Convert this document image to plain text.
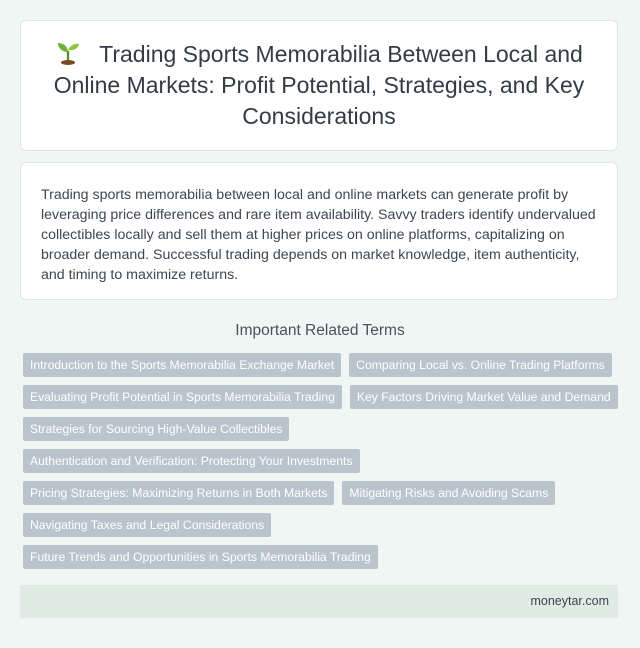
Trading Sports Memorabilia Between Local and Online Markets: Profit Potential, Strategies, and Key Considerations

Trading sports memorabilia between local and online markets can generate profit by leveraging price differences and rare item availability. Savvy traders identify undervalued collectibles locally and sell them at higher prices on online platforms, capitalizing on broader demand. Successful trading depends on market knowledge, item authenticity, and timing to maximize returns.

Important Related Terms
Introduction to the Sports Memorabilia Exchange Market	Comparing Local vs. Online Trading Platforms
Evaluating Profit Potential in Sports Memorabilia Trading	Key Factors Driving Market Value and Demand
Strategies for Sourcing High-Value Collectibles
Authentication and Verification: Protecting Your Investments
Pricing Strategies: Maximizing Returns in Both Markets	Mitigating Risks and Avoiding Scams
Navigating Taxes and Legal Considerations
Future Trends and Opportunities in Sports Memorabilia Trading
moneytar.com
